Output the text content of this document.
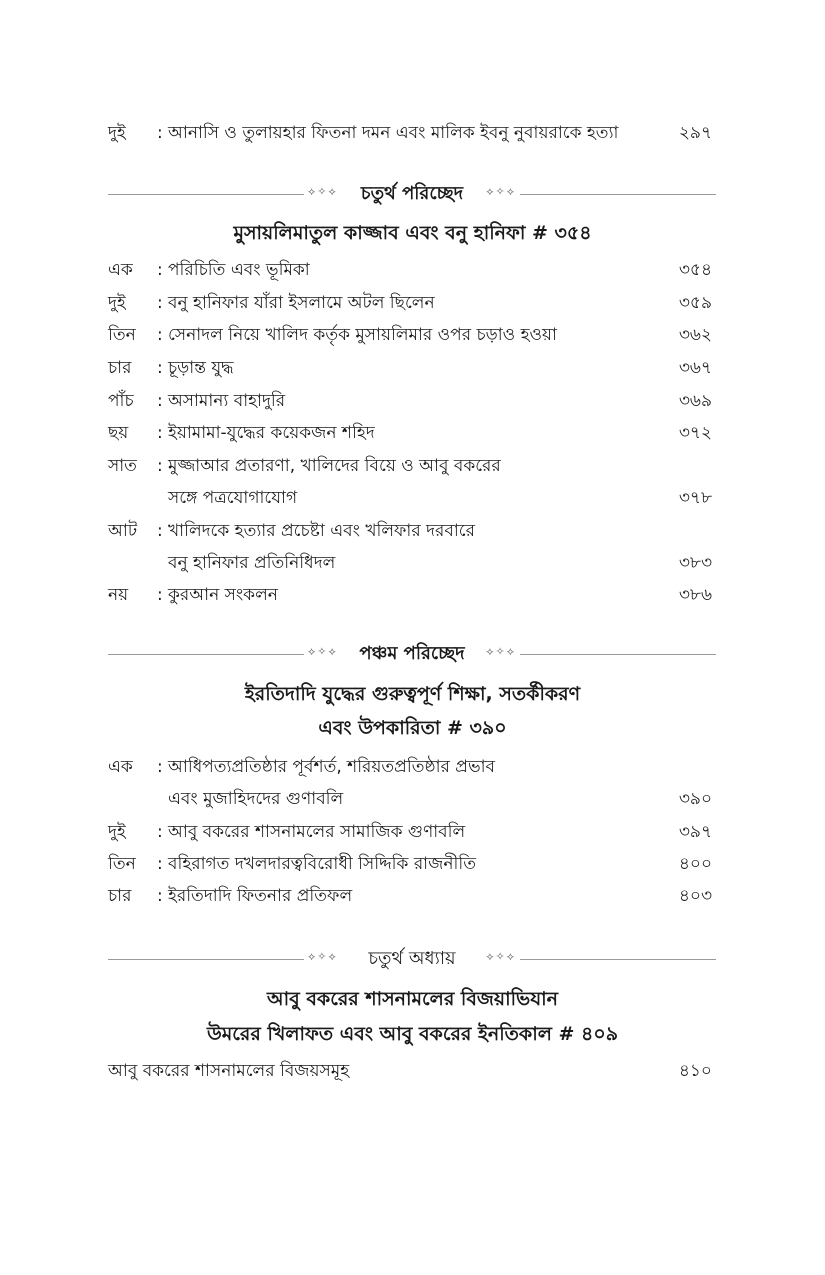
দুই : আনাসি ও তুলায়হার ফিতনা দমন এবং মালিক ইবনু নুবায়রাকে হত্যা	২৯৭
⟡✧⟡	চতুর্থ পরিচ্ছেদ	⟡✧⟡
মুসায়লিমাতুল কাজ্জাব এবং বনু হানিফা # ৩৫৪
এক : পরিচিতি এবং ভূমিকা	৩৫৪
দুই : বনু হানিফার যাঁরা ইসলামে অটল ছিলেন	৩৫৯
তিন : সেনাদল নিয়ে খালিদ কর্তৃক মুসায়লিমার ওপর চড়াও হওয়া	৩৬২
চার : চূড়ান্ত যুদ্ধ	৩৬৭
পাঁচ : অসামান্য বাহাদুরি	৩৬৯
ছয় : ইয়ামামা-যুদ্ধের কয়েকজন শহিদ	৩৭২
সাত : মুজ্জাআর প্রতারণা, খালিদের বিয়ে ও আবু বকরের
সঙ্গে পত্রযোগাযোগ	৩৭৮
আট : খালিদকে হত্যার প্রচেষ্টা এবং খলিফার দরবারে
বনু হানিফার প্রতিনিধিদল	৩৮৩
নয় : কুরআন সংকলন	৩৮৬
⟡✧⟡	পঞ্চম পরিচ্ছেদ	⟡✧⟡
ইরতিদাদি যুদ্ধের গুরুত্বপূর্ণ শিক্ষা, সতর্কীকরণ
এবং উপকারিতা # ৩৯০
এক : আধিপত্যপ্রতিষ্ঠার পূর্বশর্ত, শরিয়তপ্রতিষ্ঠার প্রভাব
এবং মুজাহিদদের গুণাবলি	৩৯০
দুই : আবু বকরের শাসনামলের সামাজিক গুণাবলি	৩৯৭
তিন : বহিরাগত দখলদারত্ববিরোধী সিদ্দিকি রাজনীতি	৪০০
চার : ইরতিদাদি ফিতনার প্রতিফল	৪০৩
⟡✧⟡	চতুর্থ অধ্যায়	⟡✧⟡
আবু বকরের শাসনামলের বিজয়াভিযান
উমরের খিলাফত এবং আবু বকরের ইনতিকাল # ৪০৯
আবু বকরের শাসনামলের বিজয়সমূহ	৪১০
